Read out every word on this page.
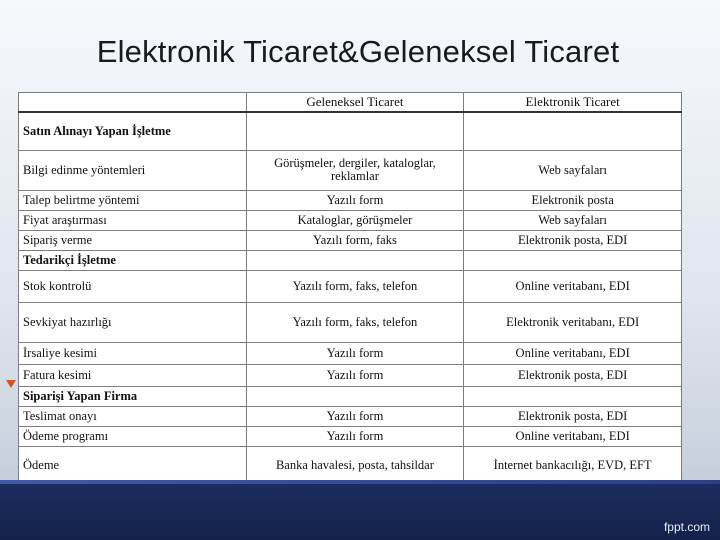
Elektronik Ticaret&Geleneksel Ticaret
	Geleneksel Ticaret	Elektronik Ticaret
Satın Alınayı Yapan İşletme		
Bilgi edinme yöntemleri	Görüşmeler, dergiler, kataloglar, reklamlar	Web sayfaları
Talep belirtme yöntemi	Yazılı form	Elektronik posta
Fiyat araştırması	Kataloglar, görüşmeler	Web sayfaları
Sipariş verme	Yazılı form, faks	Elektronik posta, EDI
Tedarikçi İşletme		
Stok kontrolü	Yazılı form, faks, telefon	Online veritabanı, EDI
Sevkiyat hazırlığı	Yazılı form, faks, telefon	Elektronik veritabanı, EDI
İrsaliye kesimi	Yazılı form	Online veritabanı, EDI
Fatura kesimi	Yazılı form	Elektronik posta, EDI
Siparişi Yapan Firma		
Teslimat onayı	Yazılı form	Elektronik posta, EDI
Ödeme programı	Yazılı form	Online veritabanı, EDI
Ödeme	Banka havalesi, posta, tahsildar	İnternet bankacılığı, EVD, EFT
fppt.com
